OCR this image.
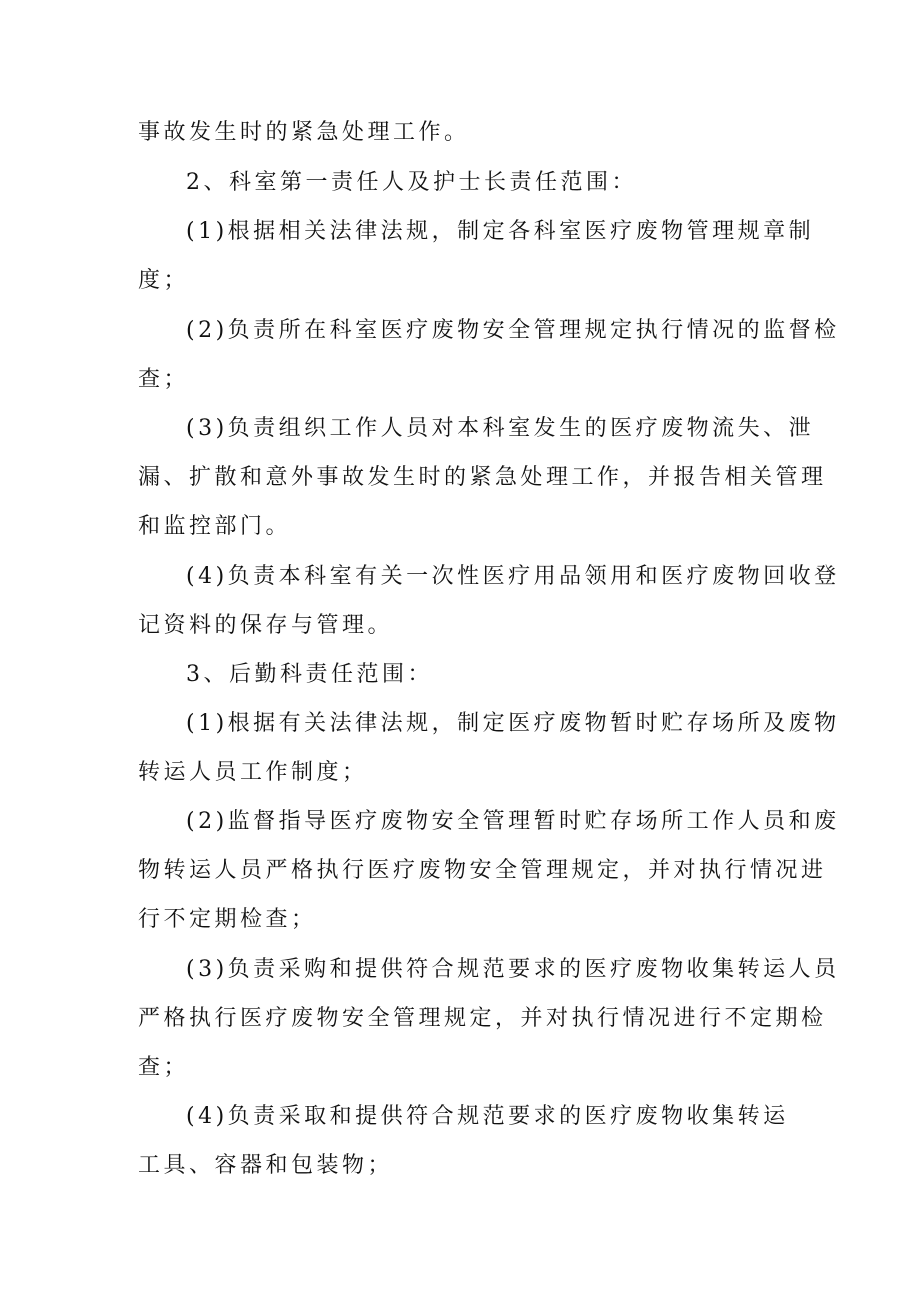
事故发生时的紧急处理工作。
2、科室第一责任人及护士长责任范围：
(1)根据相关法律法规，制定各科室医疗废物管理规章制
度；
(2)负责所在科室医疗废物安全管理规定执行情况的监督检
查；
(3)负责组织工作人员对本科室发生的医疗废物流失、泄
漏、扩散和意外事故发生时的紧急处理工作，并报告相关管理
和监控部门。
(4)负责本科室有关一次性医疗用品领用和医疗废物回收登
记资料的保存与管理。
3、后勤科责任范围：
(1)根据有关法律法规，制定医疗废物暂时贮存场所及废物
转运人员工作制度；
(2)监督指导医疗废物安全管理暂时贮存场所工作人员和废
物转运人员严格执行医疗废物安全管理规定，并对执行情况进
行不定期检查；
(3)负责采购和提供符合规范要求的医疗废物收集转运人员
严格执行医疗废物安全管理规定，并对执行情况进行不定期检
查；
(4)负责采取和提供符合规范要求的医疗废物收集转运
工具、容器和包装物；
